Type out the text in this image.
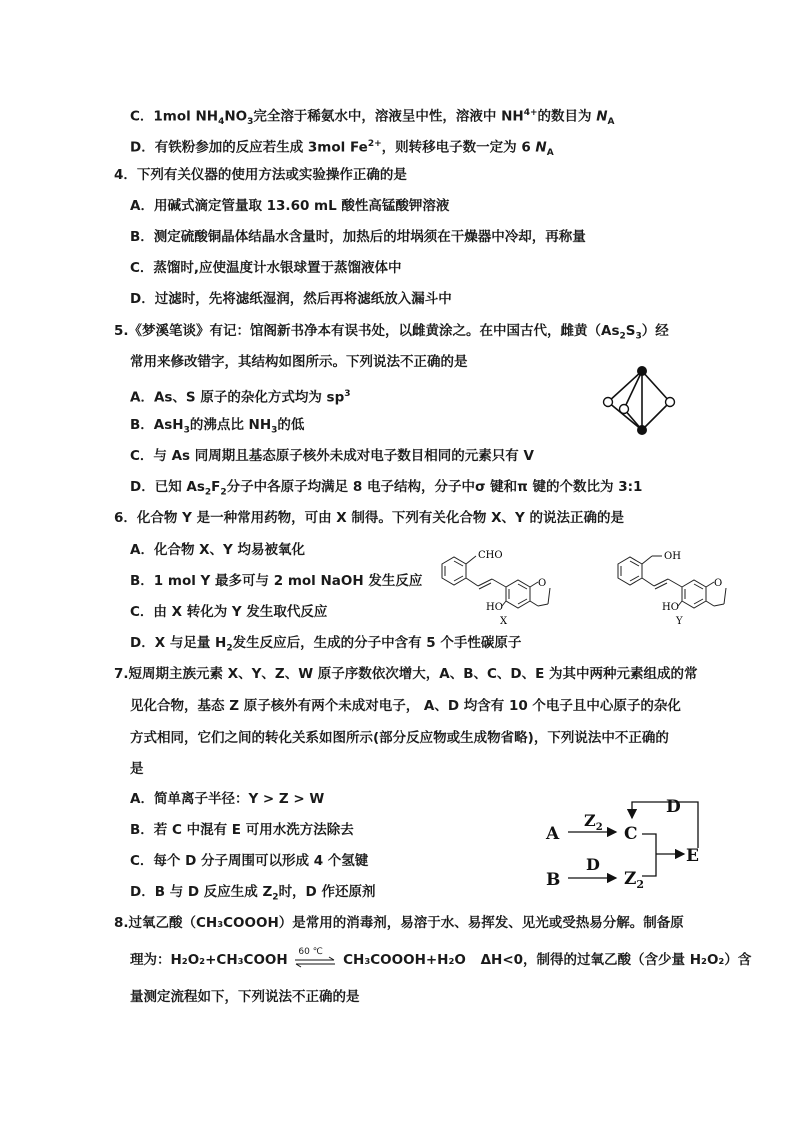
C．1mol $NH_4NO_3$完全溶于稀氨水中，溶液呈中性，溶液中 $NH^{4+}$的数目为 $N_A$
D．有铁粉参加的反应若生成 3mol $Fe^{2+}$，则转移电子数一定为 6 $N_A$
4．下列有关仪器的使用方法或实验操作正确的是
A．用碱式滴定管量取 13.60 mL 酸性高锰酸钾溶液
B．测定硫酸铜晶体结晶水含量时，加热后的坩埚须在干燥器中冷却，再称量
C．蒸馏时,应使温度计水银球置于蒸馏液体中
D．过滤时，先将滤纸湿润，然后再将滤纸放入漏斗中
5.《梦溪笔谈》有记：馆阁新书净本有误书处，以雌黄涂之。在中国古代，雌黄$(As_2S_3)$经
常用来修改错字，其结构如图所示。下列说法不正确的是
A．As、S 原子的杂化方式均为 $sp^3$
B．AsH$_3$的沸点比 $NH_3$的低
C．与 As 同周期且基态原子核外未成对电子数目相同的元素只有 V
D．已知 $As_2F_2$分子中各原子均满足 8 电子结构，分子中σ 键和π 键的个数比为 3:1
6．化合物 Y 是一种常用药物，可由 X 制得。下列有关化合物 X、Y 的说法正确的是
A．化合物 X、Y 均易被氧化
B．1 mol Y 最多可与 2 mol NaOH 发生反应
C．由 X 转化为 Y 发生取代反应
D．X 与足量 $H_2$发生反应后，生成的分子中含有 5 个手性碳原子
CHO
O
HO
X
OH
O
HO
Y
7.短周期主族元素 X、Y、Z、W 原子序数依次增大，A、B、C、D、E 为其中两种元素组成的常
见化合物，基态 Z 原子核外有两个未成对电子， A、D 均含有 10 个电子且中心原子的杂化
方式相同，它们之间的转化关系如图所示(部分反应物或生成物省略)，下列说法中不正确的
是
A．简单离子半径：Y > Z > W
B．若 C 中混有 E 可用水洗方法除去
C．每个 D 分子周围可以形成 4 个氢键
D．B 与 D 反应生成 $Z_2$时，D 作还原剂
A
B
C
$Z_2$
E
D
$Z_2$
D
8.过氧乙酸（CH₃COOOH）是常用的消毒剂，易溶于水、易挥发、见光或受热易分解。制备原
理为：H₂O₂+CH₃COOH 60 ℃ CH₃COOOH+H₂O ΔH<0，制得的过氧乙酸（含少量 H₂O₂）含
量测定流程如下，下列说法不正确的是
